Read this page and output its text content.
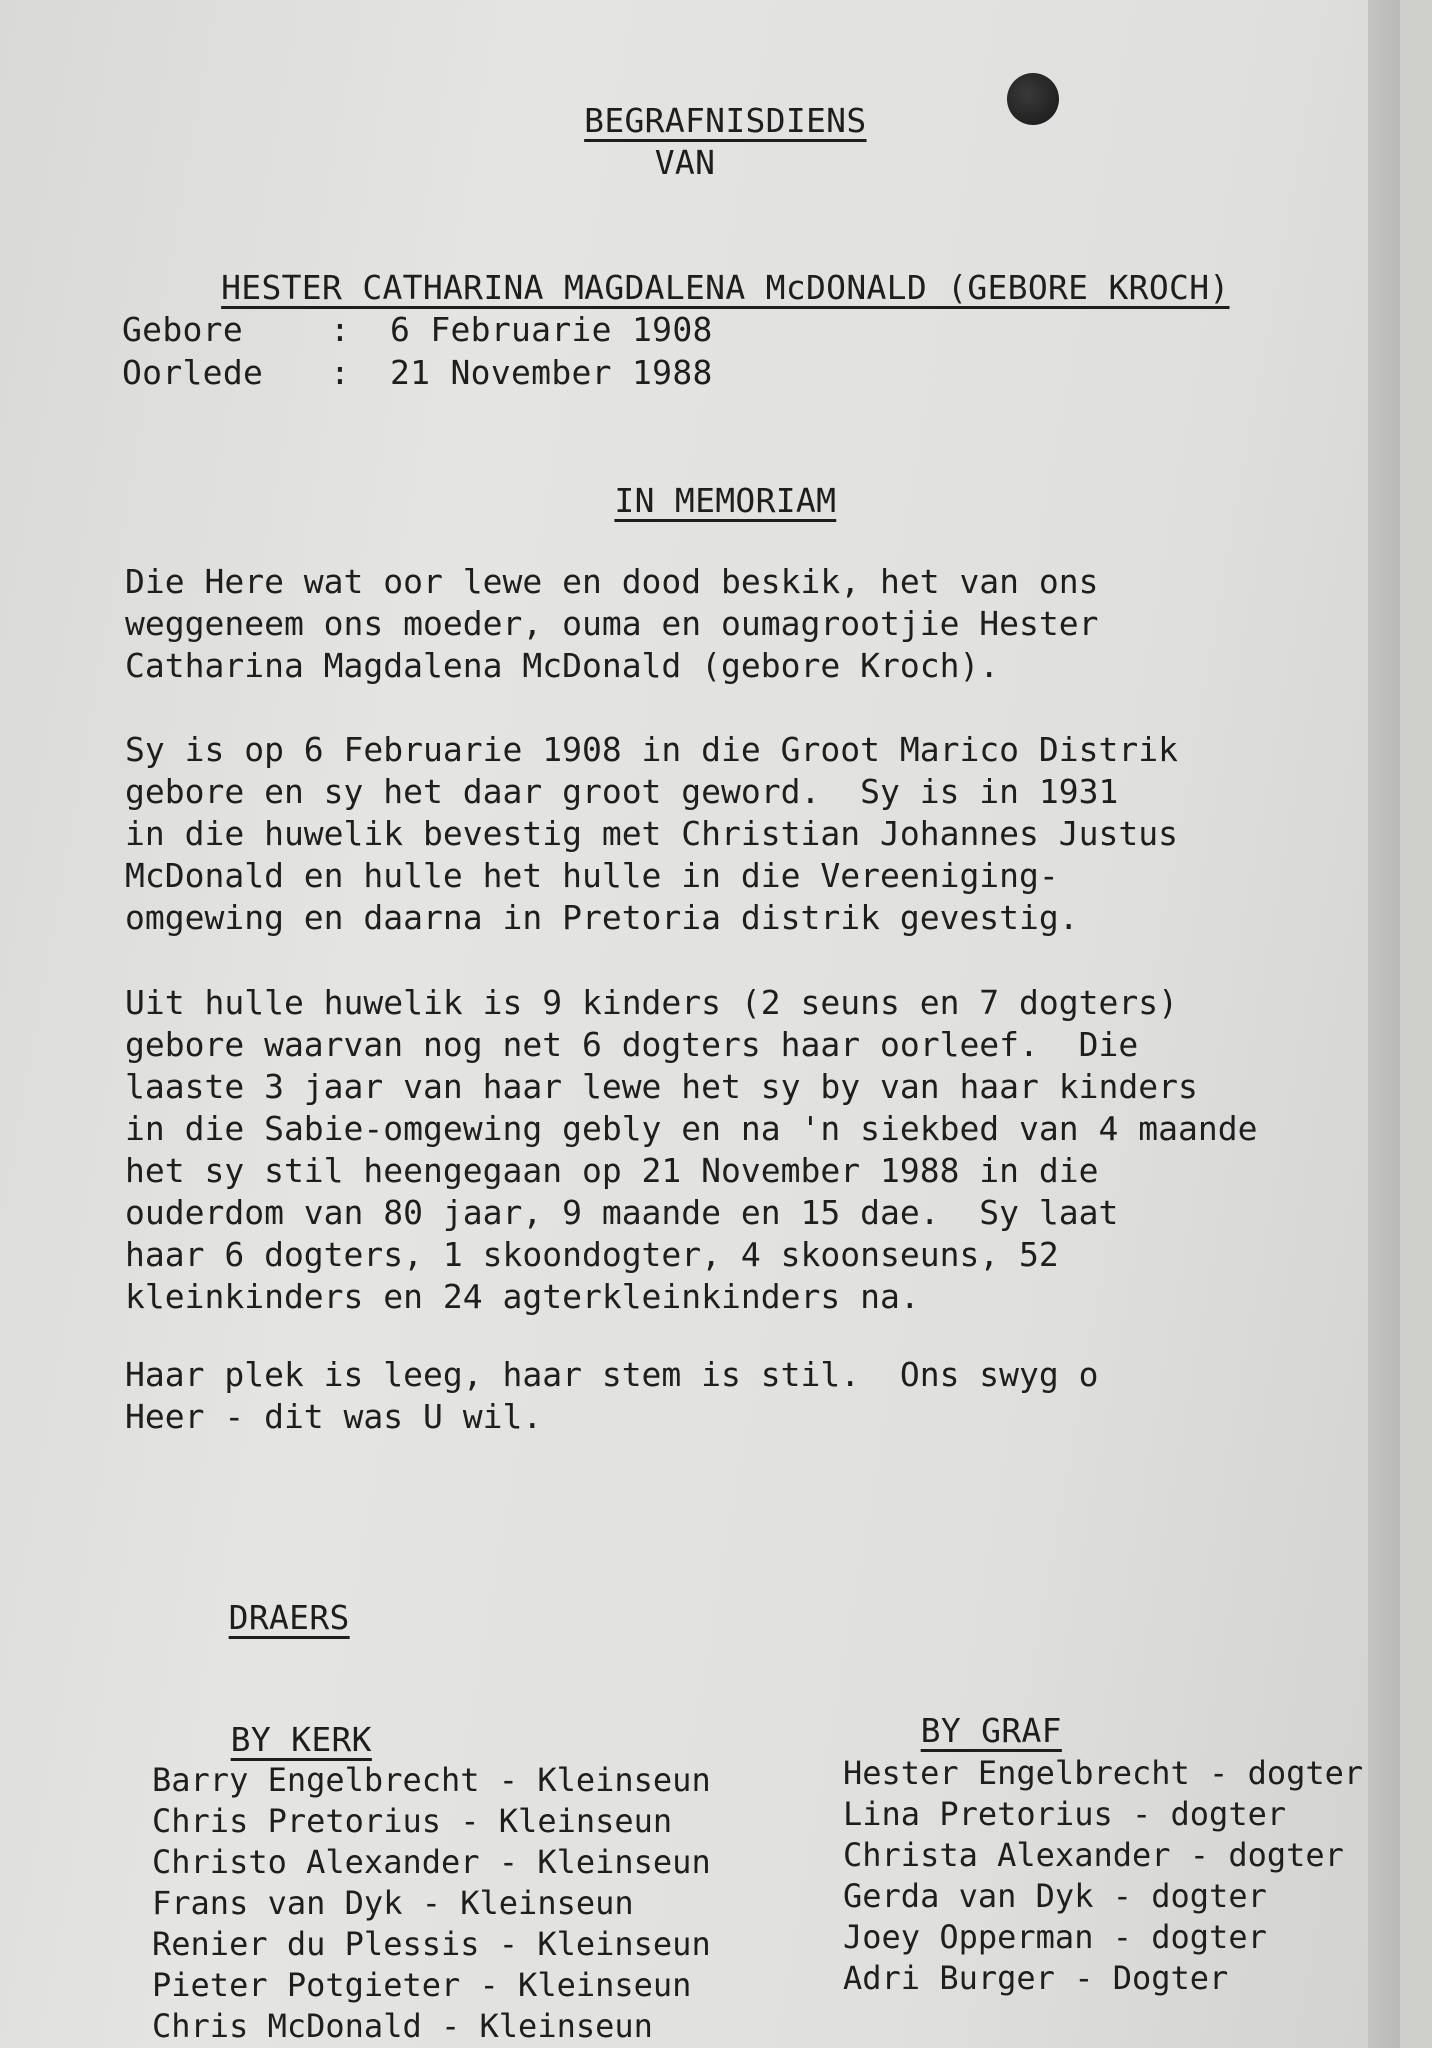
BEGRAFNISDIENS

VAN

HESTER CATHARINA MAGDALENA McDONALD (GEBORE KROCH)

Gebore	: 6 Februarie 1908
Oorlede : 21 November 1988

IN MEMORIAM

Die Here wat oor lewe en dood beskik, het van ons
weggeneem ons moeder, ouma en oumagrootjie Hester
Catharina Magdalena McDonald (gebore Kroch).
Sy is op 6 Februarie 1908 in die Groot Marico Distrik
gebore en sy het daar groot geword.  Sy is in 1931
in die huwelik bevestig met Christian Johannes Justus
McDonald en hulle het hulle in die Vereeniging-
omgewing en daarna in Pretoria distrik gevestig.
Uit hulle huwelik is 9 kinders (2 seuns en 7 dogters)
gebore waarvan nog net 6 dogters haar oorleef.  Die
laaste 3 jaar van haar lewe het sy by van haar kinders
in die Sabie-omgewing gebly en na 'n siekbed van 4 maande
het sy stil heengegaan op 21 November 1988 in die
ouderdom van 80 jaar, 9 maande en 15 dae.  Sy laat
haar 6 dogters, 1 skoondogter, 4 skoonseuns, 52
kleinkinders en 24 agterkleinkinders na.
Haar plek is leeg, haar stem is stil.  Ons swyg o
Heer - dit was U wil.

DRAERS

BY KERK
	BY GRAF

Barry Engelbrecht - Kleinseun
Chris Pretorius - Kleinseun
Christo Alexander - Kleinseun
Frans van Dyk - Kleinseun
Renier du Plessis - Kleinseun
Pieter Potgieter - Kleinseun
Chris McDonald - Kleinseun
Hester Engelbrecht - dogter
Lina Pretorius - dogter
Christa Alexander - dogter
Gerda van Dyk - dogter
Joey Opperman - dogter
Adri Burger - Dogter
